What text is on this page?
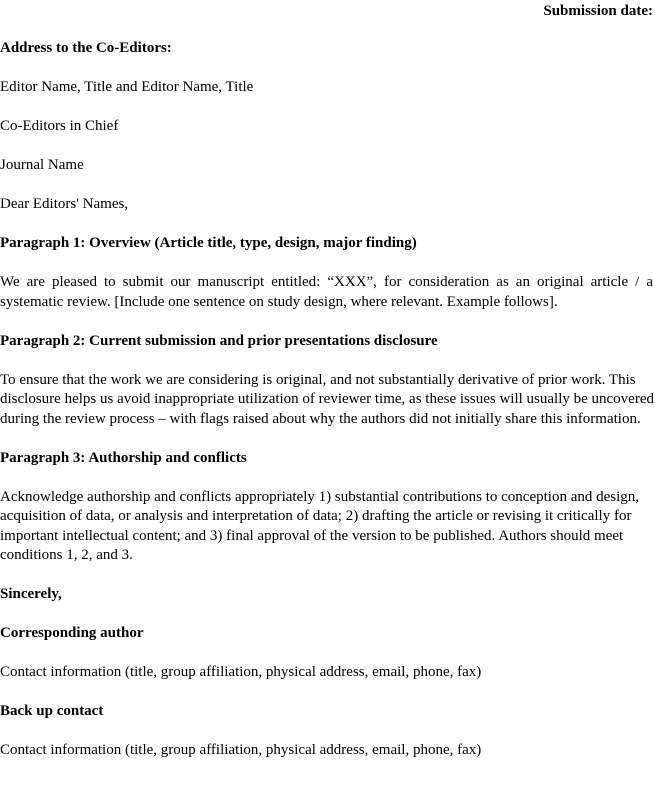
Submission date:

Address to the Co-Editors:

Editor Name, Title and Editor Name, Title

Co-Editors in Chief

Journal Name

Dear Editors' Names,

Paragraph 1: Overview (Article title, type, design, major finding)

We are pleased to submit our manuscript entitled: “XXX”, for consideration as an original article / a systematic review. [Include one sentence on study design, where relevant. Example follows].

Paragraph 2: Current submission and prior presentations disclosure

To ensure that the work we are considering is original, and not substantially derivative of prior work. This disclosure helps us avoid inappropriate utilization of reviewer time, as these issues will usually be uncovered during the review process – with flags raised about why the authors did not initially share this information.

Paragraph 3: Authorship and conflicts

Acknowledge authorship and conflicts appropriately 1) substantial contributions to conception and design, acquisition of data, or analysis and interpretation of data; 2) drafting the article or revising it critically for important intellectual content; and 3) final approval of the version to be published. Authors should meet conditions 1, 2, and 3.

Sincerely,

Corresponding author

Contact information (title, group affiliation, physical address, email, phone, fax)

Back up contact

Contact information (title, group affiliation, physical address, email, phone, fax)
